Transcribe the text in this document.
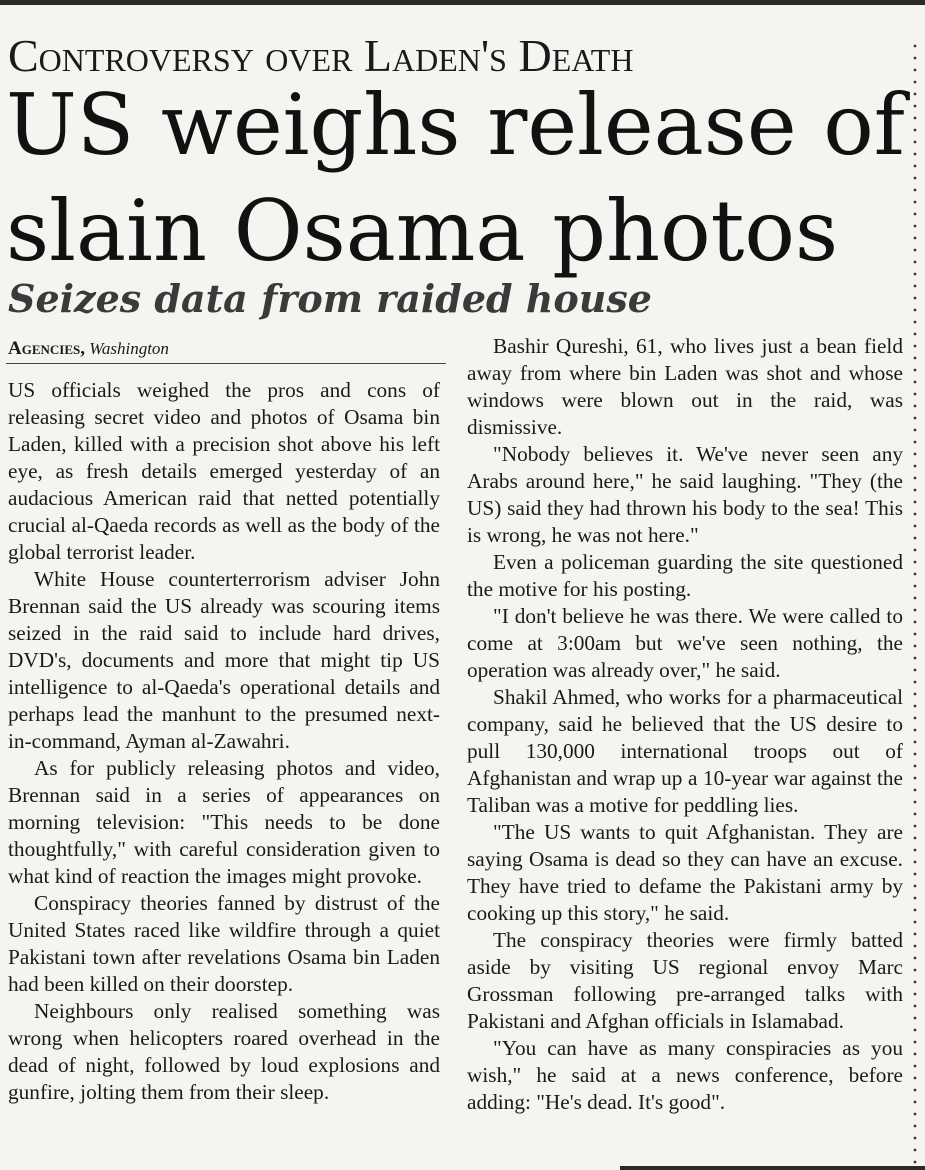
Controversy over Laden's Death
US weighs release of slain Osama photos
Seizes data from raided house
Agencies, Washington

US officials weighed the pros and cons of releasing secret video and photos of Osama bin Laden, killed with a precision shot above his left eye, as fresh details emerged yesterday of an audacious American raid that netted potentially crucial al-Qaeda records as well as the body of the global terrorist leader.

White House counterterrorism adviser John Brennan said the US already was scouring items seized in the raid said to include hard drives, DVD's, documents and more that might tip US intelligence to al-Qaeda's operational details and perhaps lead the manhunt to the presumed next-in-command, Ayman al-Zawahri.

As for publicly releasing photos and video, Brennan said in a series of appearances on morning television: "This needs to be done thoughtfully," with careful consideration given to what kind of reaction the images might provoke.

Conspiracy theories fanned by distrust of the United States raced like wildfire through a quiet Pakistani town after revelations Osama bin Laden had been killed on their doorstep.

Neighbours only realised something was wrong when helicopters roared overhead in the dead of night, followed by loud explosions and gunfire, jolting them from their sleep.

Bashir Qureshi, 61, who lives just a bean field away from where bin Laden was shot and whose windows were blown out in the raid, was dismissive.

"Nobody believes it. We've never seen any Arabs around here," he said laughing. "They (the US) said they had thrown his body to the sea! This is wrong, he was not here."

Even a policeman guarding the site questioned the motive for his posting.

"I don't believe he was there. We were called to come at 3:00am but we've seen nothing, the operation was already over," he said.

Shakil Ahmed, who works for a pharmaceutical company, said he believed that the US desire to pull 130,000 international troops out of Afghanistan and wrap up a 10-year war against the Taliban was a motive for peddling lies.

"The US wants to quit Afghanistan. They are saying Osama is dead so they can have an excuse. They have tried to defame the Pakistani army by cooking up this story," he said.

The conspiracy theories were firmly batted aside by visiting US regional envoy Marc Grossman following pre-arranged talks with Pakistani and Afghan officials in Islamabad.

"You can have as many conspiracies as you wish," he said at a news conference, before adding: "He's dead. It's good".
